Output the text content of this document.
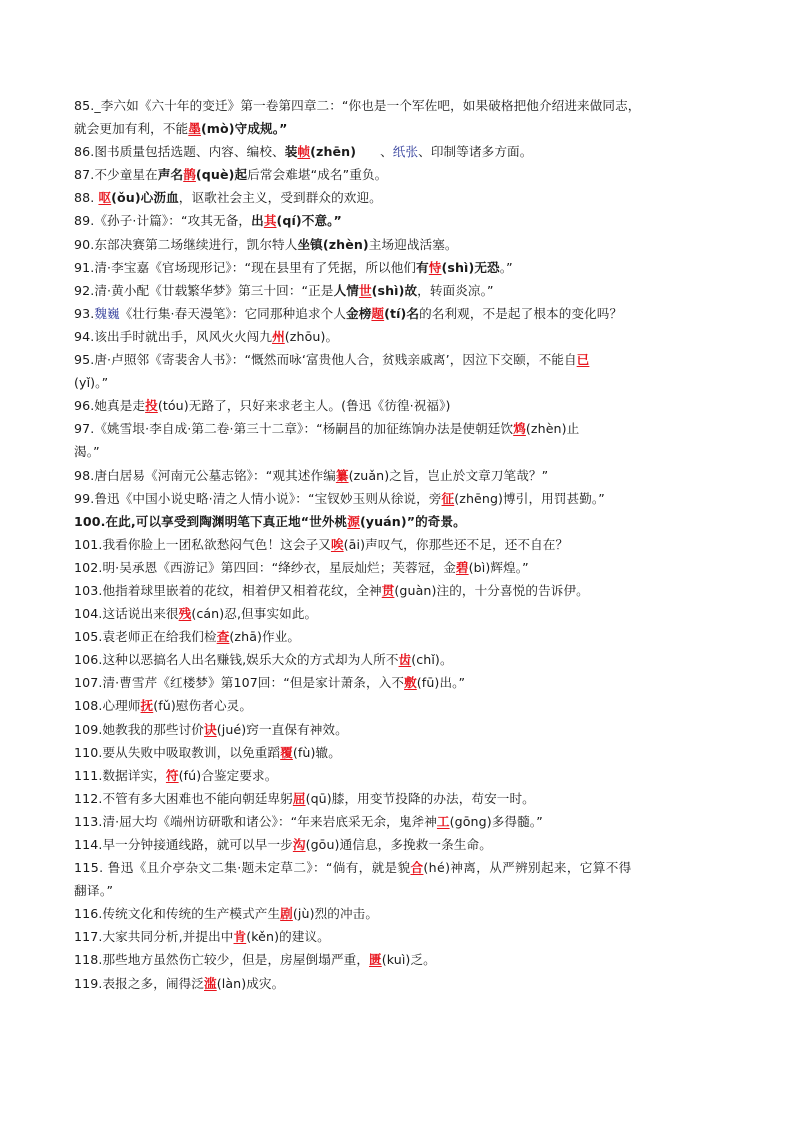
85._李六如《六十年的变迁》第一卷第四章二：“你也是一个军佐吧，如果破格把他介绍进来做同志，
就会更加有利，不能墨(mò)守成规。”
86.图书质量包括选题、内容、编校、装帧(zhēn) 、纸张、印制等诸多方面。
87.不少童星在声名鹊(què)起后常会难堪“成名”重负。
88. 呕(ǒu)心沥血，讴歌社会主义，受到群众的欢迎。
89.《孙子·计篇》：“攻其无备，出其(qí)不意。”
90.东部决赛第二场继续进行，凯尔特人坐镇(zhèn)主场迎战活塞。
91.清·李宝嘉《官场现形记》：“现在县里有了凭据，所以他们有恃(shì)无恐。”
92.清·黄小配《廿载繁华梦》第三十回：“正是人情世(shì)故，转面炎凉。”
93.魏巍《壮行集·春天漫笔》：它同那种追求个人金榜题(tí)名的名利观，不是起了根本的变化吗？
94.该出手时就出手，风风火火闯九州(zhōu)。
95.唐·卢照邻《寄裴舍人书》：“慨然而咏‘富贵他人合，贫贱亲戚离’，因泣下交颐，不能自已
(yǐ)。”
96.她真是走投(tóu)无路了，只好来求老主人。(鲁迅《彷徨·祝福》)
97.《姚雪垠·李自成·第二卷·第三十二章》：“杨嗣昌的加征练饷办法是使朝廷饮鸩(zhèn)止
渴。”
98.唐白居易《河南元公墓志铭》：“观其述作编纂(zuǎn)之旨，岂止於文章刀笔哉？”
99.鲁迅《中国小说史略·清之人情小说》：“宝钗妙玉则从徐说，旁征(zhēng)博引，用罚甚勤。”
100.在此,可以享受到陶渊明笔下真正地“世外桃源(yuán)”的奇景。
101.我看你脸上一团私欲愁闷气色！这会子又唉(āi)声叹气，你那些还不足，还不自在？
102.明·吴承恩《西游记》第四回：“绛纱衣，星辰灿烂；芙蓉冠，金碧(bì)辉煌。”
103.他指着球里嵌着的花纹，相着伊又相着花纹，全神贯(guàn)注的，十分喜悦的告诉伊。
104.这话说出来很残(cán)忍,但事实如此。
105.袁老师正在给我们检查(zhā)作业。
106.这种以恶搞名人出名赚钱,娱乐大众的方式却为人所不齿(chǐ)。
107.清·曹雪芹《红楼梦》第107回：“但是家计萧条，入不敷(fū)出。”
108.心理师抚(fǔ)慰伤者心灵。
109.她教我的那些讨价诀(jué)窍一直保有神效。
110.要从失败中吸取教训，以免重蹈覆(fù)辙。
111.数据详实，符(fú)合鉴定要求。
112.不管有多大困难也不能向朝廷卑躬屈(qū)膝，用变节投降的办法，苟安一时。
113.清·屈大均《端州访研歌和诸公》：“年来岩底采无余，鬼斧神工(gōng)多得髓。”
114.早一分钟接通线路，就可以早一步沟(gōu)通信息，多挽救一条生命。
115. 鲁迅《且介亭杂文二集·题未定草二》：“倘有，就是貌合(hé)神离，从严辨别起来，它算不得
翻译。”
116.传统文化和传统的生产模式产生剧(jù)烈的冲击。
117.大家共同分析,并提出中肯(kěn)的建议。
118.那些地方虽然伤亡较少，但是，房屋倒塌严重，匮(kuì)乏。
119.表报之多，闹得泛滥(làn)成灾。
